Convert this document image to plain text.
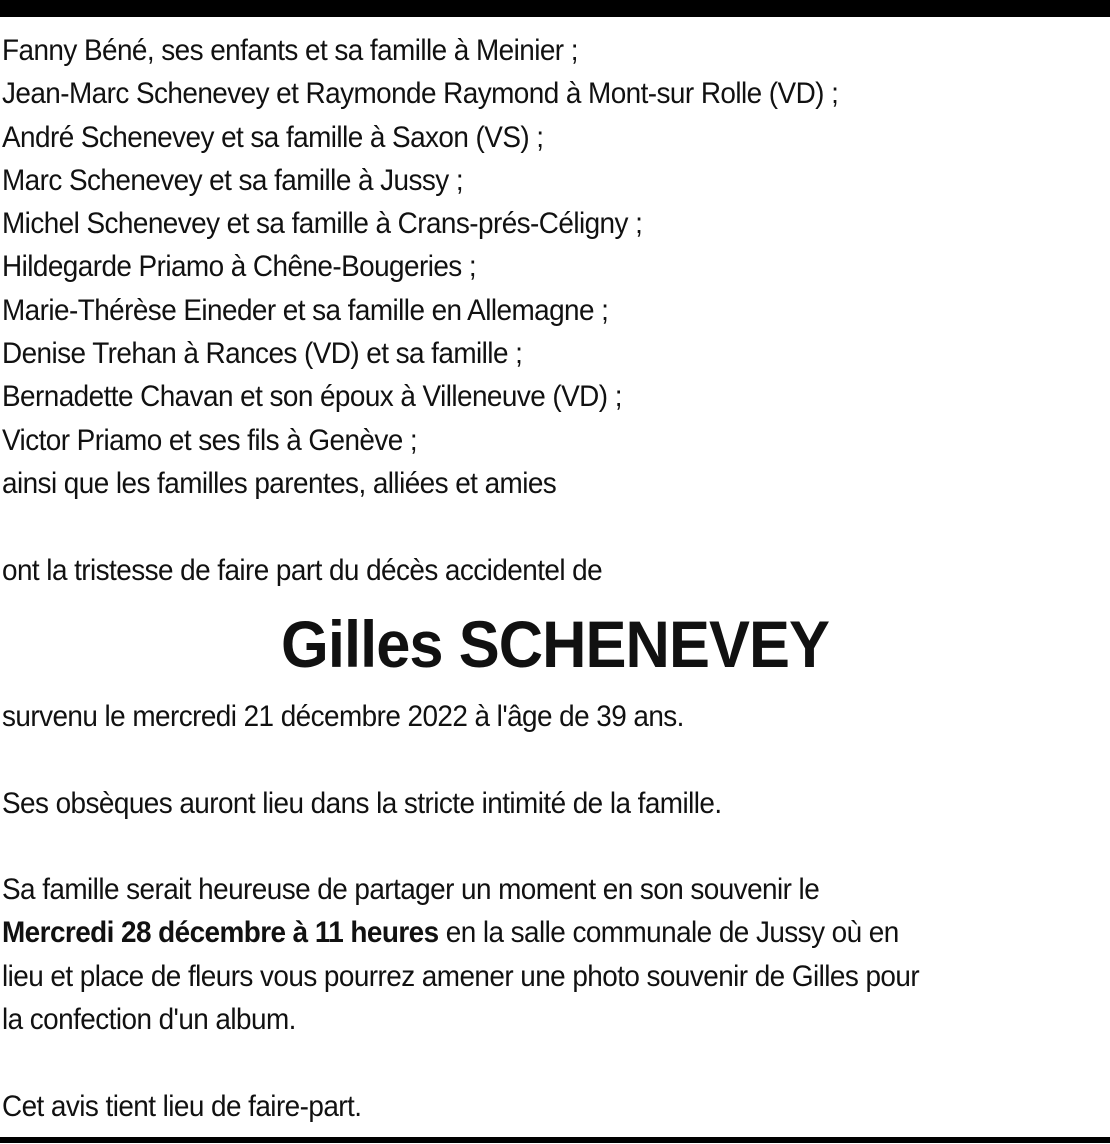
Fanny Béné, ses enfants et sa famille à Meinier ;
Jean-Marc Schenevey et Raymonde Raymond à Mont-sur Rolle (VD) ;
André Schenevey et sa famille à Saxon (VS) ;
Marc Schenevey et sa famille à Jussy ;
Michel Schenevey et sa famille à Crans-prés-Céligny ;
Hildegarde Priamo à Chêne-Bougeries ;
Marie-Thérèse Eineder et sa famille en Allemagne ;
Denise Trehan à Rances (VD) et sa famille ;
Bernadette Chavan et son époux à Villeneuve (VD) ;
Victor Priamo et ses fils à Genève ;
ainsi que les familles parentes, alliées et amies
ont la tristesse de faire part du décès accidentel de
Gilles SCHENEVEY
survenu le mercredi 21 décembre 2022 à l'âge de 39 ans.
Ses obsèques auront lieu dans la stricte intimité de la famille.
Sa famille serait heureuse de partager un moment en son souvenir le
Mercredi 28 décembre à 11 heures en la salle communale de Jussy où en
lieu et place de fleurs vous pourrez amener une photo souvenir de Gilles pour
la confection d'un album.
Cet avis tient lieu de faire-part.
